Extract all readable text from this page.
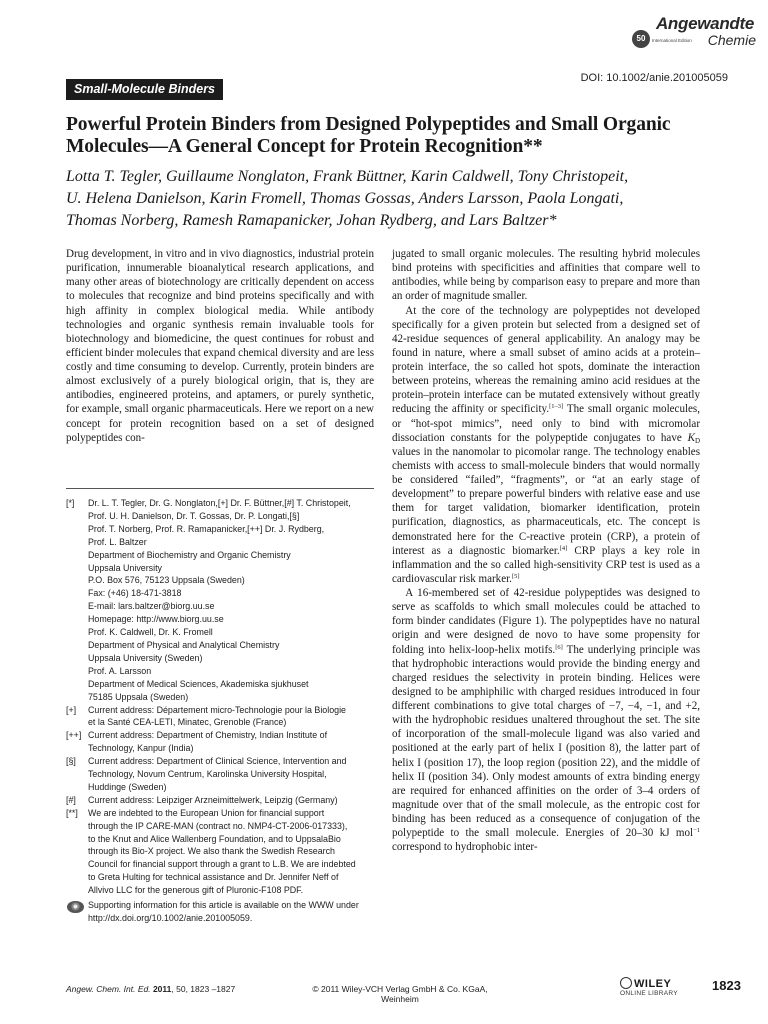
Angewandte
50	International Edition Chemie
DOI: 10.1002/anie.201005059
Small-Molecule Binders
Powerful Protein Binders from Designed Polypeptides and Small Organic Molecules—A General Concept for Protein Recognition**
Lotta T. Tegler, Guillaume Nonglaton, Frank Büttner, Karin Caldwell, Tony Christopeit,
U. Helena Danielson, Karin Fromell, Thomas Gossas, Anders Larsson, Paola Longati,
Thomas Norberg, Ramesh Ramapanicker, Johan Rydberg, and Lars Baltzer*

Drug development, in vitro and in vivo diagnostics, industrial protein purification, innumerable bioanalytical research applications, and many other areas of biotechnology are critically dependent on access to molecules that recognize and bind proteins specifically and with high affinity in complex biological media. While antibody technologies and organic synthesis remain invaluable tools for biotechnology and biomedicine, the quest continues for robust and efficient binder molecules that expand chemical diversity and are less costly and time consuming to develop. Currently, protein binders are almost exclusively of a purely biological origin, that is, they are antibodies, engineered proteins, and aptamers, or purely synthetic, for example, small organic pharmaceuticals. Here we report on a new concept for protein recognition based on a set of designed polypeptides con-

[*]	Dr. L. T. Tegler, Dr. G. Nonglaton,[+] Dr. F. Büttner,[#] T. Christopeit,
Prof. U. H. Danielson, Dr. T. Gossas, Dr. P. Longati,[§]
Prof. T. Norberg, Prof. R. Ramapanicker,[++] Dr. J. Rydberg,
Prof. L. Baltzer
Department of Biochemistry and Organic Chemistry
Uppsala University
P.O. Box 576, 75123 Uppsala (Sweden)
Fax: (+46) 18-471-3818
E-mail: lars.baltzer@biorg.uu.se
Homepage: http://www.biorg.uu.se
Prof. K. Caldwell, Dr. K. Fromell
Department of Physical and Analytical Chemistry
Uppsala University (Sweden)
Prof. A. Larsson
Department of Medical Sciences, Akademiska sjukhuset
75185 Uppsala (Sweden)
[+]	Current address: Département micro-Technologie pour la Biologie
et la Santé CEA-LETI, Minatec, Grenoble (France)
[++] Current address: Department of Chemistry, Indian Institute of
Technology, Kanpur (India)
[§]	Current address: Department of Clinical Science, Intervention and
Technology, Novum Centrum, Karolinska University Hospital,
Huddinge (Sweden)
[#]	Current address: Leipziger Arzneimittelwerk, Leipzig (Germany)
[**]	We are indebted to the European Union for financial support
through the IP CARE-MAN (contract no. NMP4-CT-2006-017333),
to the Knut and Alice Wallenberg Foundation, and to UppsalaBio
through its Bio-X project. We also thank the Swedish Research
Council for financial support through a grant to L.B. We are indebted
to Greta Hulting for technical assistance and Dr. Jennifer Neff of
Allvivo LLC for the generous gift of Pluronic-F108 PDF.
Supporting information for this article is available on the WWW under http://dx.doi.org/10.1002/anie.201005059.

jugated to small organic molecules. The resulting hybrid molecules bind proteins with specificities and affinities that compare well to antibodies, while being by comparison easy to prepare and more than an order of magnitude smaller.

At the core of the technology are polypeptides not developed specifically for a given protein but selected from a designed set of 42-residue sequences of general applicability. An analogy may be found in nature, where a small subset of amino acids at a protein–protein interface, the so called hot spots, dominate the interaction between proteins, whereas the remaining amino acid residues at the protein–protein interface can be mutated extensively without greatly reducing the affinity or specificity.[1–3] The small organic molecules, or “hot-spot mimics”, need only to bind with micromolar dissociation constants for the polypeptide conjugates to have $K_D$ values in the nanomolar to picomolar range. The technology enables chemists with access to small-molecule binders that would normally be considered “failed”, “fragments”, or “at an early stage of development” to prepare powerful binders with relative ease and use them for target validation, biomarker identification, protein purification, diagnostics, as pharmaceuticals, etc. The concept is demonstrated here for the C-reactive protein (CRP), a protein of interest as a diagnostic biomarker.[4] CRP plays a key role in inflammation and the so called high-sensitivity CRP test is used as a cardiovascular risk marker.[5]

A 16-membered set of 42-residue polypeptides was designed to serve as scaffolds to which small molecules could be attached to form binder candidates (Figure 1). The polypeptides have no natural origin and were designed de novo to have some propensity for folding into helix-loop-helix motifs.[6] The underlying principle was that hydrophobic interactions would provide the binding energy and charged residues the selectivity in protein binding. Helices were designed to be amphiphilic with charged residues introduced in four different combinations to give total charges of −7, −4, −1, and +2, with the hydrophobic residues unaltered throughout the set. The site of incorporation of the small-molecule ligand was also varied and positioned at the early part of helix I (position 8), the latter part of helix I (position 17), the loop region (position 22), and the middle of helix II (position 34). Only modest amounts of extra binding energy are required for enhanced affinities on the order of 3–4 orders of magnitude over that of the small molecule, as the entropic cost for binding has been reduced as a consequence of conjugation of the polypeptide to the small molecule. Energies of 20–30 kJ mol$^{-1}$ correspond to hydrophobic inter-

Angew. Chem. Int. Ed. 2011, 50, 1823 –1827	© 2011 Wiley-VCH Verlag GmbH & Co. KGaA, Weinheim
WILEY
ONLINE LIBRARY
1823
